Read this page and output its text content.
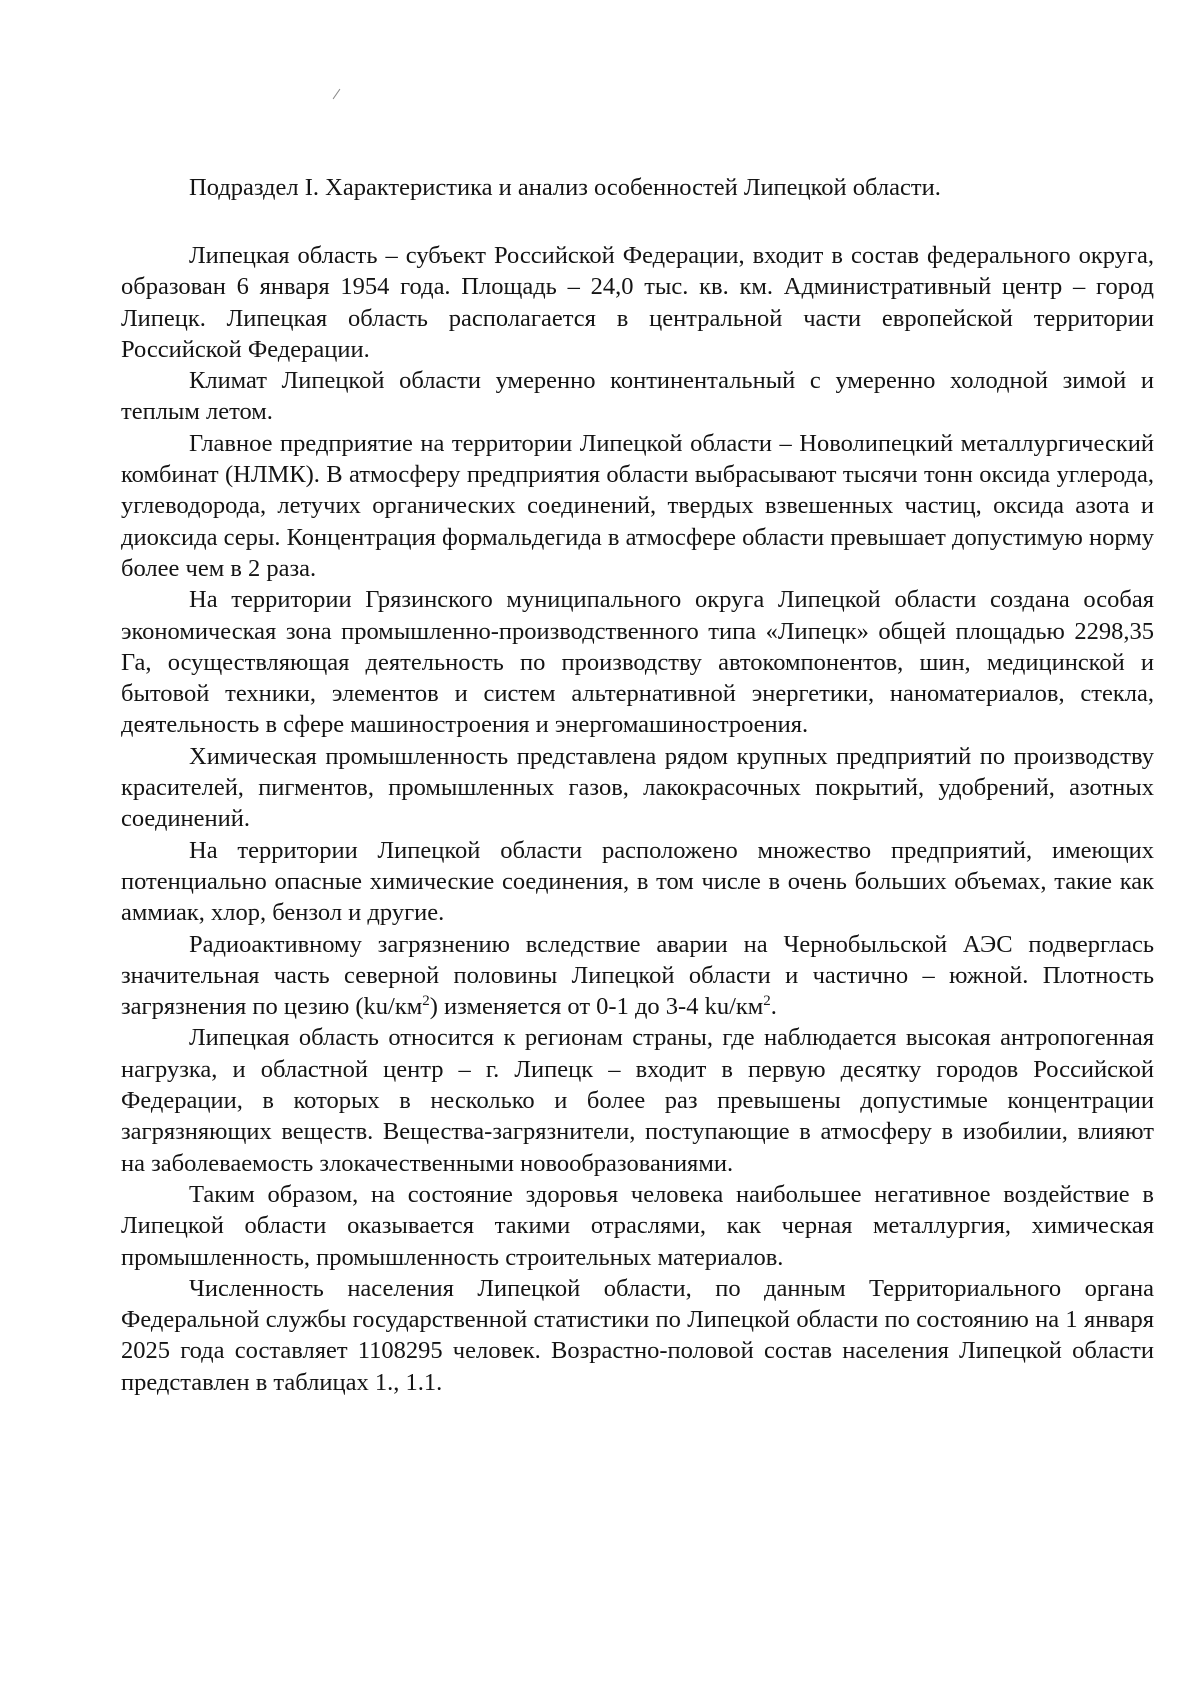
Подраздел I. Характеристика и анализ особенностей Липецкой области.

Липецкая область – субъект Российской Федерации, входит в состав федерального округа, образован 6 января 1954 года. Площадь – 24,0 тыс. кв. км. Административный центр – город Липецк. Липецкая область располагается в центральной части европейской территории Российской Федерации.

Климат Липецкой области умеренно континентальный с умеренно холодной зимой и теплым летом.

Главное предприятие на территории Липецкой области – Новолипецкий металлургический комбинат (НЛМК). В атмосферу предприятия области выбрасывают тысячи тонн оксида углерода, углеводорода, летучих органических соединений, твердых взвешенных частиц, оксида азота и диоксида серы. Концентрация формальдегида в атмосфере области превышает допустимую норму более чем в 2 раза.

На территории Грязинского муниципального округа Липецкой области создана особая экономическая зона промышленно-производственного типа «Липецк» общей площадью 2298,35 Га, осуществляющая деятельность по производству автокомпонентов, шин, медицинской и бытовой техники, элементов и систем альтернативной энергетики, наноматериалов, стекла, деятельность в сфере машиностроения и энергомашиностроения.

Химическая промышленность представлена рядом крупных предприятий по производству красителей, пигментов, промышленных газов, лакокрасочных покрытий, удобрений, азотных соединений.

На территории Липецкой области расположено множество предприятий, имеющих потенциально опасные химические соединения, в том числе в очень больших объемах, такие как аммиак, хлор, бензол и другие.

Радиоактивному загрязнению вследствие аварии на Чернобыльской АЭС подверглась значительная часть северной половины Липецкой области и частично – южной. Плотность загрязнения по цезию $(ku/км^2)$ изменяется от 0-1 до 3-4 $ku/км^2$.

Липецкая область относится к регионам страны, где наблюдается высокая антропогенная нагрузка, и областной центр – г. Липецк – входит в первую десятку городов Российской Федерации, в которых в несколько и более раз превышены допустимые концентрации загрязняющих веществ. Вещества-загрязнители, поступающие в атмосферу в изобилии, влияют на заболеваемость злокачественными новообразованиями.

Таким образом, на состояние здоровья человека наибольшее негативное воздействие в Липецкой области оказывается такими отраслями, как черная металлургия, химическая промышленность, промышленность строительных материалов.

Численность населения Липецкой области, по данным Территориального органа Федеральной службы государственной статистики по Липецкой области по состоянию на 1 января 2025 года составляет 1108295 человек. Возрастно-половой состав населения Липецкой области представлен в таблицах 1., 1.1.
